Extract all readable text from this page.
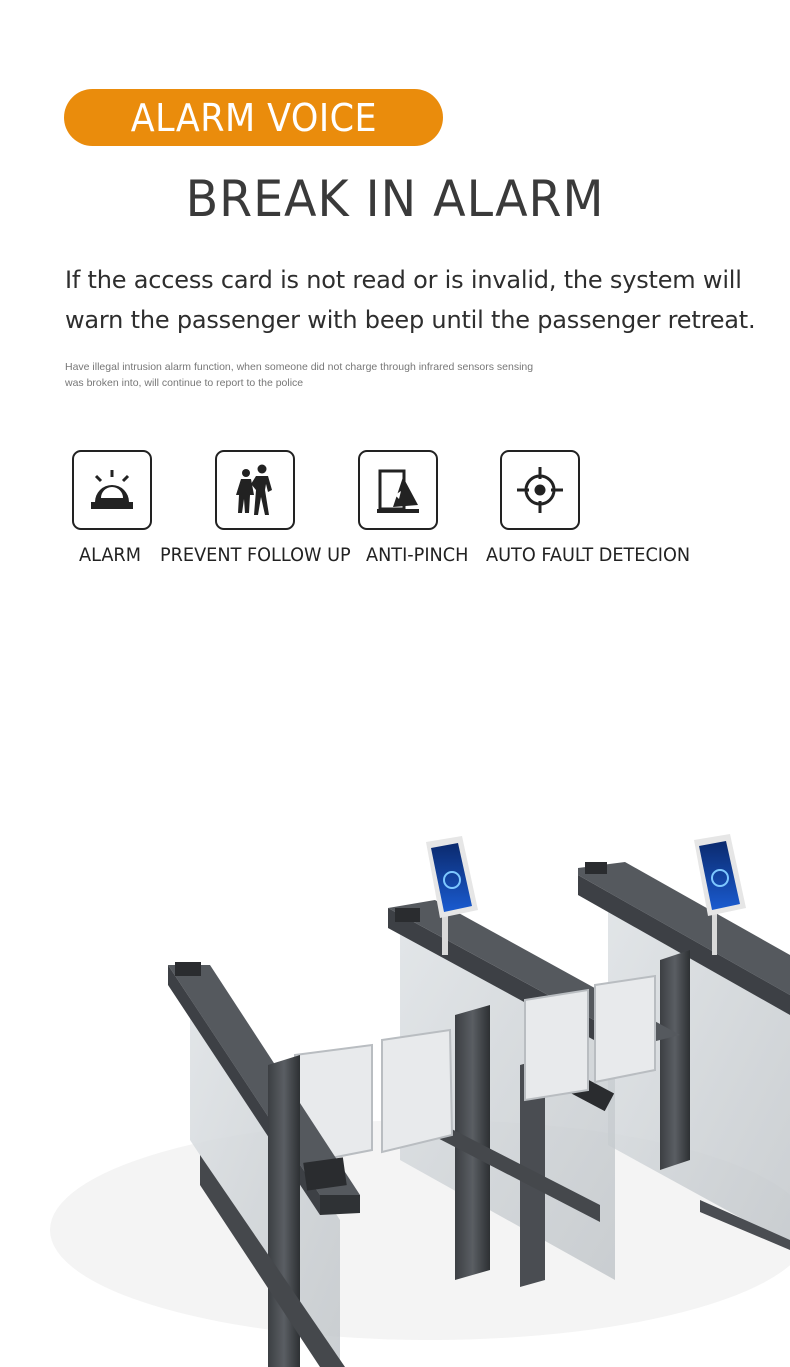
ALARM VOICE
BREAK IN ALARM
If the access card is not read or is invalid, the system will warn the passenger with beep until the passenger retreat.
Have illegal intrusion alarm function, when someone did not charge through infrared sensors sensing
was broken into, will continue to report to the police
ALARM PREVENT FOLLOW UP ANTI-PINCH AUTO FAULT DETECION
